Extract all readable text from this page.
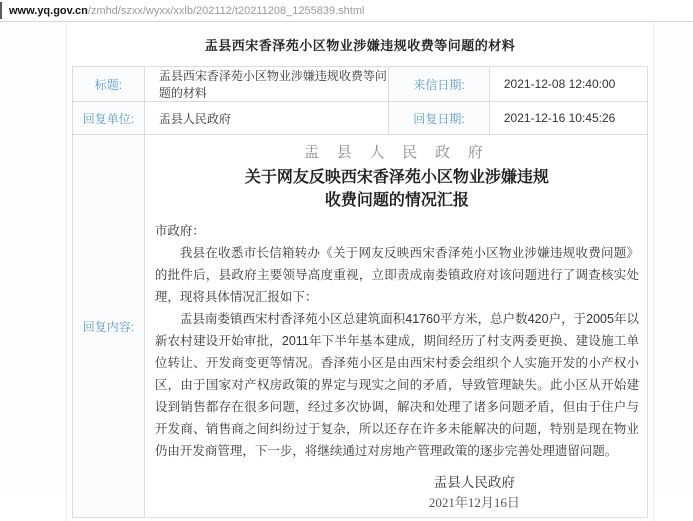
www.yq.gov.cn/zmhd/szxx/wyxx/xxlb/202112/t20211208_1255839.shtml
盂县西宋香泽苑小区物业涉嫌违规收费等问题的材料
标题:	盂县西宋香泽苑小区物业涉嫌违规收费等问题的材料	来信日期:	2021-12-08 12:40:00
回复单位:	盂县人民政府	回复日期:	2021-12-16 10:45:26
回复内容:	
盂 县 人 民 政 府
关于网友反映西宋香泽苑小区物业涉嫌违规
收费问题的情况汇报

市政府：

我县在收悉市长信箱转办《关于网友反映西宋香泽苑小区物业涉嫌违规收费问题》的批件后，县政府主要领导高度重视，立即责成南娄镇政府对该问题进行了调查核实处理，现将具体情况汇报如下：

盂县南娄镇西宋村香泽苑小区总建筑面积41760平方米，总户数420户，于2005年以新农村建设开始审批，2011年下半年基本建成，期间经历了村支两委更换、建设施工单位转让、开发商变更等情况。香泽苑小区是由西宋村委会组织个人实施开发的小产权小区，由于国家对产权房政策的界定与现实之间的矛盾，导致管理缺失。此小区从开始建设到销售都存在很多问题，经过多次协调，解决和处理了诸多问题矛盾，但由于住户与开发商、销售商之间纠纷过于复杂，所以还存在许多未能解决的问题，特别是现在物业仍由开发商管理，下一步，将继续通过对房地产管理政策的逐步完善处理遗留问题。

盂县人民政府
2021年12月16日
